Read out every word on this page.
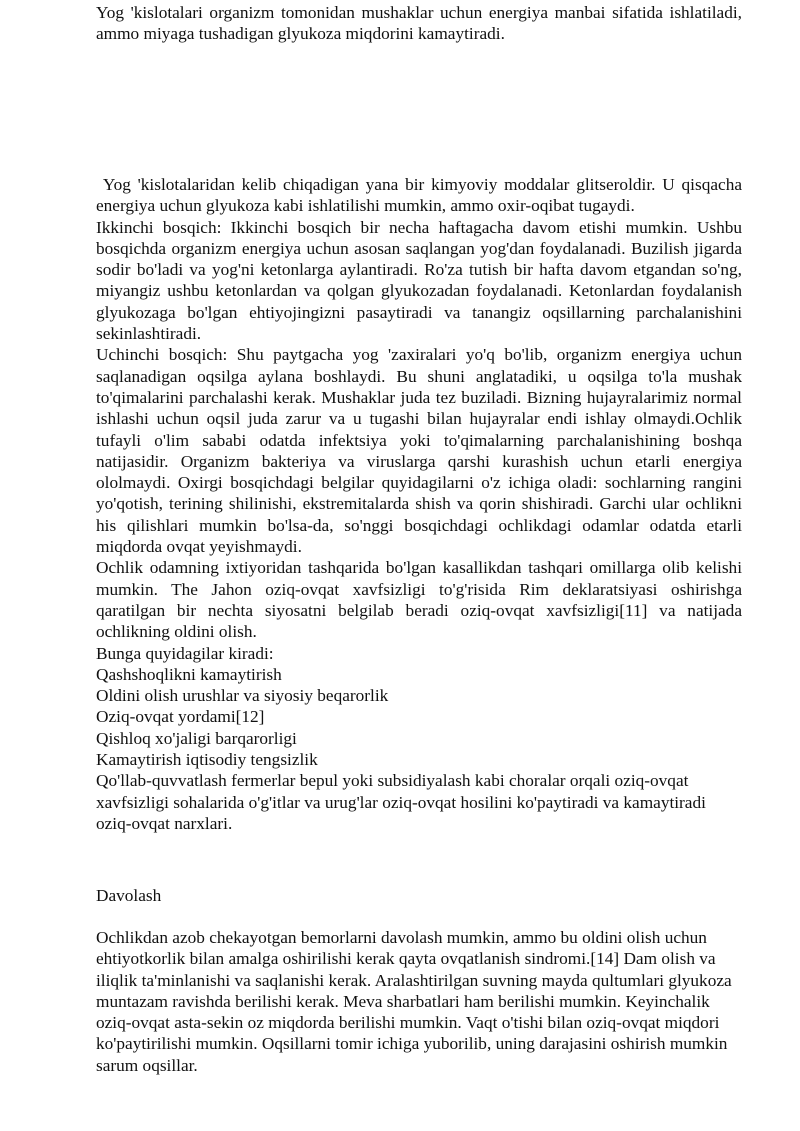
Yog 'kislotalari organizm tomonidan mushaklar uchun energiya manbai sifatida ishlatiladi, ammo miyaga tushadigan glyukoza miqdorini kamaytiradi.

Yog 'kislotalaridan kelib chiqadigan yana bir kimyoviy moddalar glitseroldir. U qisqacha energiya uchun glyukoza kabi ishlatilishi mumkin, ammo oxir-oqibat tugaydi.

Ikkinchi bosqich: Ikkinchi bosqich bir necha haftagacha davom etishi mumkin. Ushbu bosqichda organizm energiya uchun asosan saqlangan yog'dan foydalanadi. Buzilish jigarda sodir bo'ladi va yog'ni ketonlarga aylantiradi. Ro'za tutish bir hafta davom etgandan so'ng, miyangiz ushbu ketonlardan va qolgan glyukozadan foydalanadi. Ketonlardan foydalanish glyukozaga bo'lgan ehtiyojingizni pasaytiradi va tanangiz oqsillarning parchalanishini sekinlashtiradi.

Uchinchi bosqich: Shu paytgacha yog 'zaxiralari yo'q bo'lib, organizm energiya uchun saqlanadigan oqsilga aylana boshlaydi. Bu shuni anglatadiki, u oqsilga to'la mushak to'qimalarini parchalashi kerak. Mushaklar juda tez buziladi. Bizning hujayralarimiz normal ishlashi uchun oqsil juda zarur va u tugashi bilan hujayralar endi ishlay olmaydi.Ochlik tufayli o'lim sababi odatda infektsiya yoki to'qimalarning parchalanishining boshqa natijasidir. Organizm bakteriya va viruslarga qarshi kurashish uchun etarli energiya ololmaydi. Oxirgi bosqichdagi belgilar quyidagilarni o'z ichiga oladi: sochlarning rangini yo'qotish, terining shilinishi, ekstremitalarda shish va qorin shishiradi. Garchi ular ochlikni his qilishlari mumkin bo'lsa-da, so'nggi bosqichdagi ochlikdagi odamlar odatda etarli miqdorda ovqat yeyishmaydi.

Ochlik odamning ixtiyoridan tashqarida bo'lgan kasallikdan tashqari omillarga olib kelishi mumkin. The Jahon oziq-ovqat xavfsizligi to'g'risida Rim deklaratsiyasi oshirishga qaratilgan bir nechta siyosatni belgilab beradi oziq-ovqat xavfsizligi[11] va natijada ochlikning oldini olish.

Bunga quyidagilar kiradi:

Qashshoqlikni kamaytirish

Oldini olish urushlar va siyosiy beqarorlik

Oziq-ovqat yordami[12]

Qishloq xo'jaligi barqarorligi

Kamaytirish iqtisodiy tengsizlik

Qo'llab-quvvatlash fermerlar bepul yoki subsidiyalash kabi choralar orqali oziq-ovqat xavfsizligi sohalarida o'g'itlar va urug'lar oziq-ovqat hosilini ko'paytiradi va kamaytiradi oziq-ovqat narxlari.

Davolash

Ochlikdan azob chekayotgan bemorlarni davolash mumkin, ammo bu oldini olish uchun ehtiyotkorlik bilan amalga oshirilishi kerak qayta ovqatlanish sindromi.[14] Dam olish va iliqlik ta'minlanishi va saqlanishi kerak. Aralashtirilgan suvning mayda qultumlari glyukoza muntazam ravishda berilishi kerak. Meva sharbatlari ham berilishi mumkin. Keyinchalik oziq-ovqat asta-sekin oz miqdorda berilishi mumkin. Vaqt o'tishi bilan oziq-ovqat miqdori ko'paytirilishi mumkin. Oqsillarni tomir ichiga yuborilib, uning darajasini oshirish mumkin sarum oqsillar.
